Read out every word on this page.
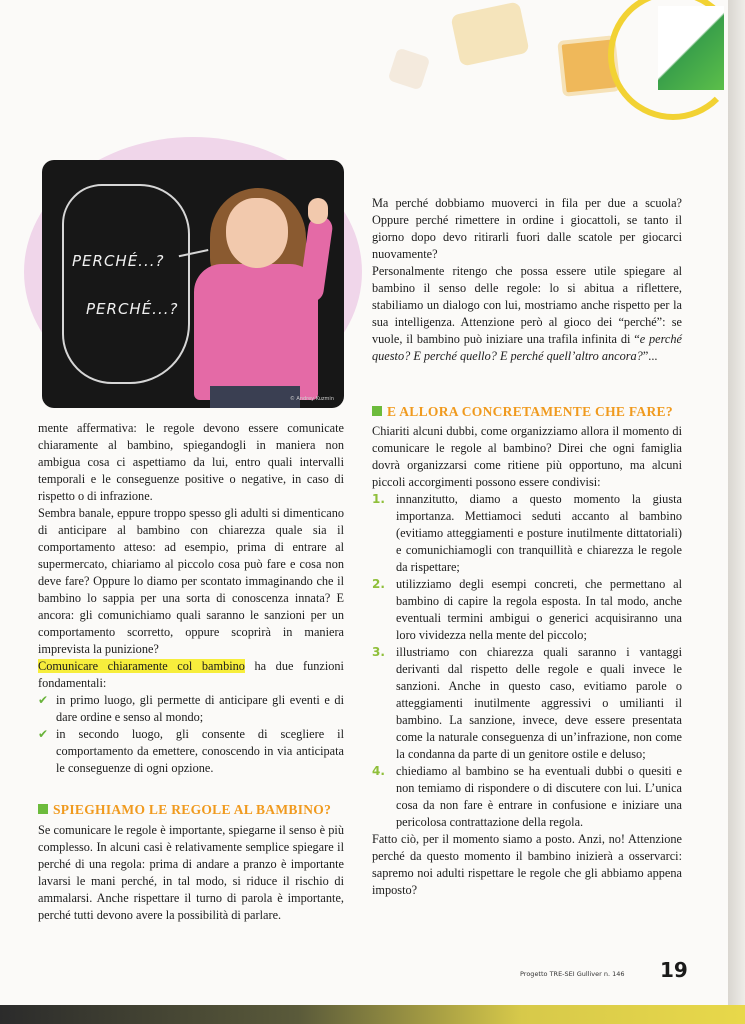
PERCHÉ...?
PERCHÉ...?
© Andrey Kuzmin

mente affermativa: le regole devono essere comunicate chiaramente al bambino, spiegandogli in maniera non ambigua cosa ci aspettiamo da lui, entro quali intervalli temporali e le conseguenze positive o negative, in caso di rispetto o di infrazione.

Sembra banale, eppure troppo spesso gli adulti si dimenticano di anticipare al bambino con chiarezza quale sia il comportamento atteso: ad esempio, prima di entrare al supermercato, chiariamo al piccolo cosa può fare e cosa non deve fare? Oppure lo diamo per scontato immaginando che il bambino lo sappia per una sorta di conoscenza innata? E ancora: gli comunichiamo quali saranno le sanzioni per un comportamento scorretto, oppure scoprirà in maniera imprevista la punizione?

Comunicare chiaramente col bambino ha due funzioni fondamentali:

✔ in primo luogo, gli permette di anticipare gli eventi e di dare ordine e senso al mondo;

✔ in secondo luogo, gli consente di scegliere il comportamento da emettere, conoscendo in via anticipata le conseguenze di ogni opzione.

SPIEGHIAMO LE REGOLE AL BAMBINO?

Se comunicare le regole è importante, spiegarne il senso è più complesso. In alcuni casi è relativamente semplice spiegare il perché di una regola: prima di andare a pranzo è importante lavarsi le mani perché, in tal modo, si riduce il rischio di ammalarsi. Anche rispettare il turno di parola è importante, perché tutti devono avere la possibilità di parlare.

Ma perché dobbiamo muoverci in fila per due a scuola? Oppure perché rimettere in ordine i giocattoli, se tanto il giorno dopo devo ritirarli fuori dalle scatole per giocarci nuovamente?

Personalmente ritengo che possa essere utile spiegare al bambino il senso delle regole: lo si abitua a riflettere, stabiliamo un dialogo con lui, mostriamo anche rispetto per la sua intelligenza. Attenzione però al gioco dei “perché”: se vuole, il bambino può iniziare una trafila infinita di “e perché questo? E perché quello? E perché quell’altro ancora?”...

E ALLORA CONCRETAMENTE CHE FARE?

Chiariti alcuni dubbi, come organizziamo allora il momento di comunicare le regole al bambino? Direi che ogni famiglia dovrà organizzarsi come ritiene più opportuno, ma alcuni piccoli accorgimenti possono essere condivisi:

1. innanzitutto, diamo a questo momento la giusta importanza. Mettiamoci seduti accanto al bambino (evitiamo atteggiamenti e posture inutilmente dittatoriali) e comunichiamogli con tranquillità e chiarezza le regole da rispettare;

2. utilizziamo degli esempi concreti, che permettano al bambino di capire la regola esposta. In tal modo, anche eventuali termini ambigui o generici acquisiranno una loro vividezza nella mente del piccolo;

3. illustriamo con chiarezza quali saranno i vantaggi derivanti dal rispetto delle regole e quali invece le sanzioni. Anche in questo caso, evitiamo parole o atteggiamenti inutilmente aggressivi o umilianti il bambino. La sanzione, invece, deve essere presentata come la naturale conseguenza di un’infrazione, non come la condanna da parte di un genitore ostile e deluso;

4. chiediamo al bambino se ha eventuali dubbi o quesiti e non temiamo di rispondere o di discutere con lui. L’unica cosa da non fare è entrare in confusione e iniziare una pericolosa contrattazione della regola.

Fatto ciò, per il momento siamo a posto. Anzi, no! Attenzione perché da questo momento il bambino inizierà a osservarci: sapremo noi adulti rispettare le regole che gli abbiamo appena imposto?

Progetto TRE-SEI Gulliver n. 146 19
